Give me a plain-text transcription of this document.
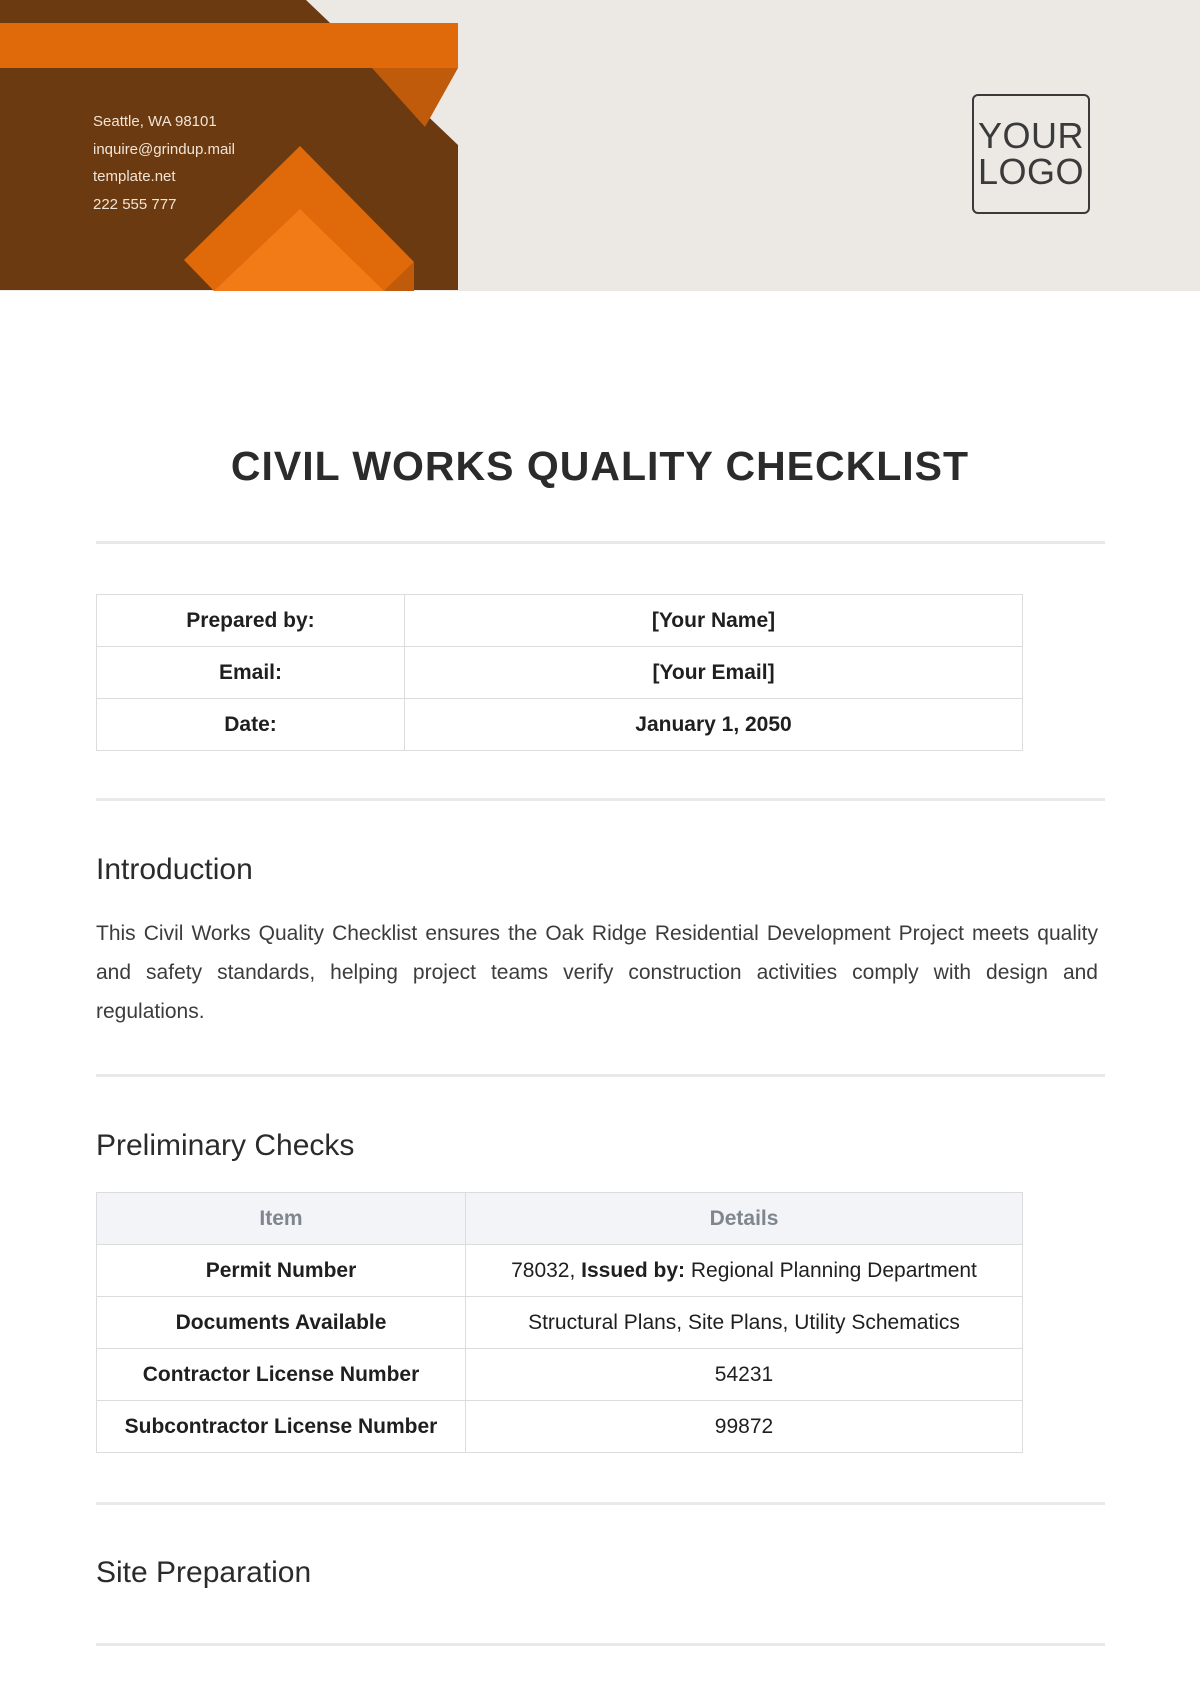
Seattle, WA 98101
inquire@grindup.mail
template.net
222 555 777
YOUR
LOGO
CIVIL WORKS QUALITY CHECKLIST
Prepared by:	[Your Name]
Email:	[Your Email]
Date:	January 1, 2050
Introduction

This Civil Works Quality Checklist ensures the Oak Ridge Residential Development Project meets quality and safety standards, helping project teams verify construction activities comply with design and regulations.

Preliminary Checks
Item	Details
Permit Number	78032, Issued by: Regional Planning Department
Documents Available	Structural Plans, Site Plans, Utility Schematics
Contractor License Number	54231
Subcontractor License Number	99872
Site Preparation
